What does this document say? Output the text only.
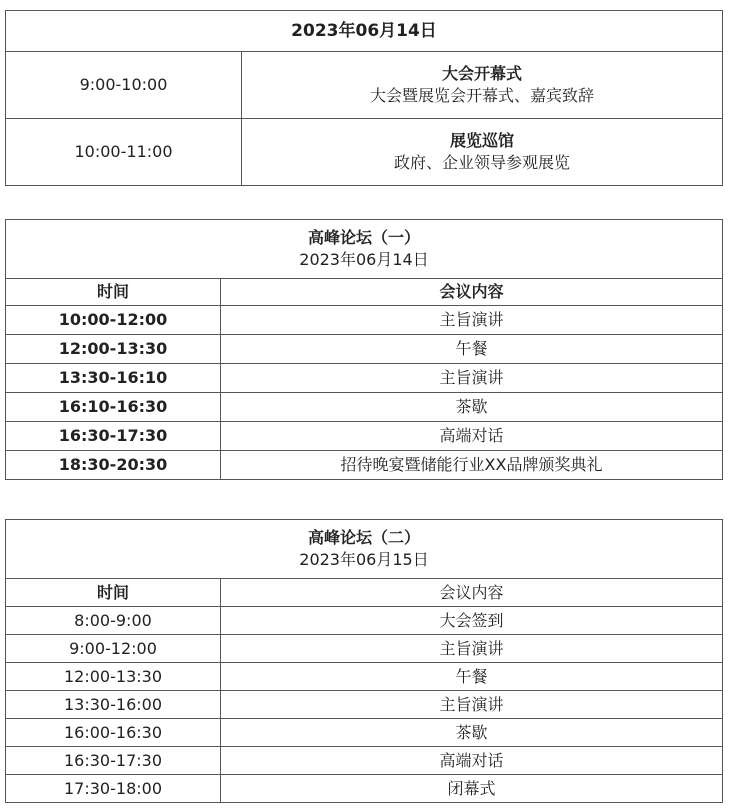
2023年06月14日	
9:00-10:00	大会开幕式
大会暨展览会开幕式、嘉宾致辞

10:00-11:00	展览巡馆
政府、企业领导参观展览
高峰论坛（一）
2023年06月14日	

时间	会议内容
10:00-12:00	主旨演讲
12:00-13:30	午餐
13:30-16:10	主旨演讲
16:10-16:30	茶歇
16:30-17:30	高端对话
18:30-20:30	招待晚宴暨储能行业XX品牌颁奖典礼
高峰论坛（二）
2023年06月15日	

时间	会议内容
8:00-9:00	大会签到
9:00-12:00	主旨演讲
12:00-13:30	午餐
13:30-16:00	主旨演讲
16:00-16:30	茶歇
16:30-17:30	高端对话
17:30-18:00	闭幕式
